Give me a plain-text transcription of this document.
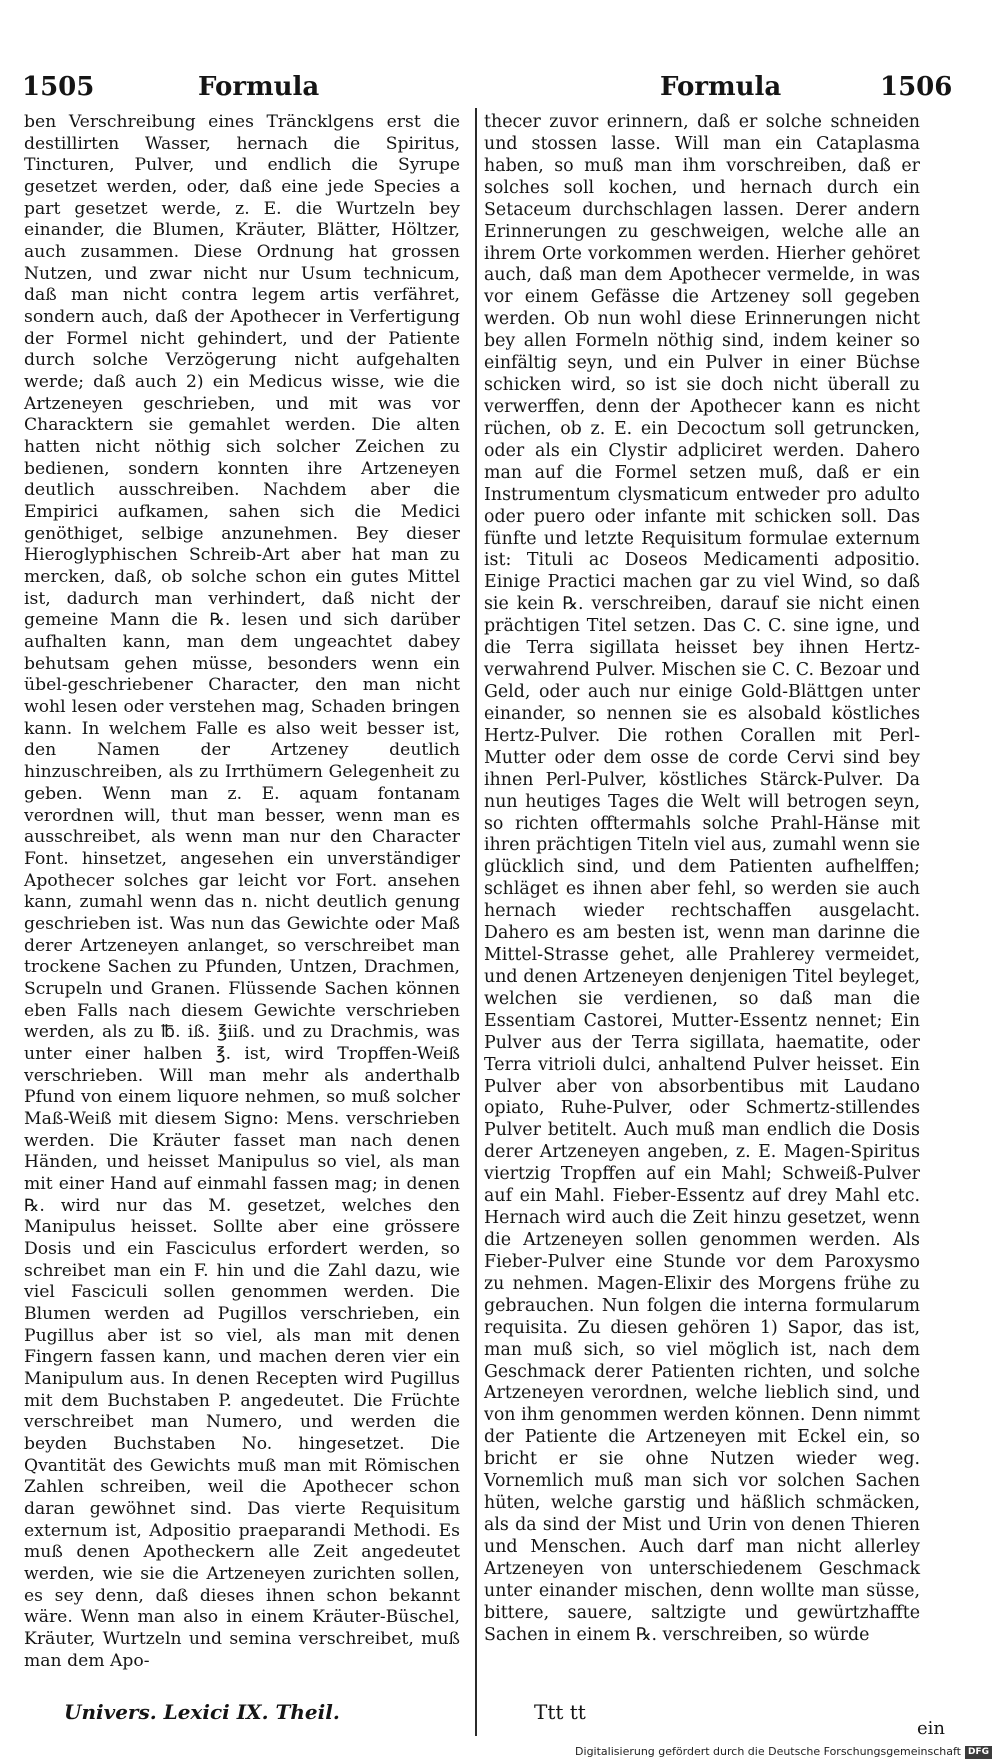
1505	Formula	Formula	1506

ben Verschreibung eines Träncklgens erst die destillirten Wasser, hernach die Spiritus, Tincturen, Pulver, und endlich die Syrupe gesetzet werden, oder, daß eine jede Species a part gesetzet werde, z. E. die Wurtzeln bey einander, die Blumen, Kräuter, Blätter, Höltzer, auch zusammen. Diese Ordnung hat grossen Nutzen, und zwar nicht nur Usum technicum, daß man nicht contra legem artis verfähret, sondern auch, daß der Apothecer in Verfertigung der Formel nicht gehindert, und der Patiente durch solche Verzögerung nicht aufgehalten werde; daß auch 2) ein Medicus wisse, wie die Artzeneyen geschrieben, und mit was vor Characktern sie gemahlet werden. Die alten hatten nicht nöthig sich solcher Zeichen zu bedienen, sondern konnten ihre Artzeneyen deutlich ausschreiben. Nachdem aber die Empirici aufkamen, sahen sich die Medici genöthiget, selbige anzunehmen. Bey dieser Hieroglyphischen Schreib-Art aber hat man zu mercken, daß, ob solche schon ein gutes Mittel ist, dadurch man verhindert, daß nicht der gemeine Mann die ℞. lesen und sich darüber aufhalten kann, man dem ungeachtet dabey behutsam gehen müsse, besonders wenn ein übel-geschriebener Character, den man nicht wohl lesen oder verstehen mag, Schaden bringen kann. In welchem Falle es also weit besser ist, den Namen der Artzeney deutlich hinzuschreiben, als zu Irrthümern Gelegenheit zu geben. Wenn man z. E. aquam fontanam verordnen will, thut man besser, wenn man es ausschreibet, als wenn man nur den Character Font. hinsetzet, angesehen ein unverständiger Apothecer solches gar leicht vor Fort. ansehen kann, zumahl wenn das n. nicht deutlich genung geschrieben ist. Was nun das Gewichte oder Maß derer Artzeneyen anlanget, so verschreibet man trockene Sachen zu Pfunden, Untzen, Drachmen, Scrupeln und Granen. Flüssende Sachen können eben Falls nach diesem Gewichte verschrieben werden, als zu ℔. iß. ℥iiß. und zu Drachmis, was unter einer halben ℥. ist, wird Tropffen-Weiß verschrieben. Will man mehr als anderthalb Pfund von einem liquore nehmen, so muß solcher Maß-Weiß mit diesem Signo: Mens. verschrieben werden. Die Kräuter fasset man nach denen Händen, und heisset Manipulus so viel, als man mit einer Hand auf einmahl fassen mag; in denen ℞. wird nur das M. gesetzet, welches den Manipulus heisset. Sollte aber eine grössere Dosis und ein Fasciculus erfordert werden, so schreibet man ein F. hin und die Zahl dazu, wie viel Fasciculi sollen genommen werden. Die Blumen werden ad Pugillos verschrieben, ein Pugillus aber ist so viel, als man mit denen Fingern fassen kann, und machen deren vier ein Manipulum aus. In denen Recepten wird Pugillus mit dem Buchstaben P. angedeutet. Die Früchte verschreibet man Numero, und werden die beyden Buchstaben No. hingesetzet. Die Qvantität des Gewichts muß man mit Römischen Zahlen schreiben, weil die Apothecer schon daran gewöhnet sind. Das vierte Requisitum externum ist, Adpositio praeparandi Methodi. Es muß denen Apotheckern alle Zeit angedeutet werden, wie sie die Artzeneyen zurichten sollen, es sey denn, daß dieses ihnen schon bekannt wäre. Wenn man also in einem Kräuter-Büschel, Kräuter, Wurtzeln und semina verschreibet, muß man dem Apo-

thecer zuvor erinnern, daß er solche schneiden und stossen lasse. Will man ein Cataplasma haben, so muß man ihm vorschreiben, daß er solches soll kochen, und hernach durch ein Setaceum durchschlagen lassen. Derer andern Erinnerungen zu geschweigen, welche alle an ihrem Orte vorkommen werden. Hierher gehöret auch, daß man dem Apothecer vermelde, in was vor einem Gefässe die Artzeney soll gegeben werden. Ob nun wohl diese Erinnerungen nicht bey allen Formeln nöthig sind, indem keiner so einfältig seyn, und ein Pulver in einer Büchse schicken wird, so ist sie doch nicht überall zu verwerffen, denn der Apothecer kann es nicht rüchen, ob z. E. ein Decoctum soll getruncken, oder als ein Clystir adpliciret werden. Dahero man auf die Formel setzen muß, daß er ein Instrumentum clysmaticum entweder pro adulto oder puero oder infante mit schicken soll. Das fünfte und letzte Requisitum formulae externum ist: Tituli ac Doseos Medicamenti adpositio. Einige Practici machen gar zu viel Wind, so daß sie kein ℞. verschreiben, darauf sie nicht einen prächtigen Titel setzen. Das C. C. sine igne, und die Terra sigillata heisset bey ihnen Hertz-verwahrend Pulver. Mischen sie C. C. Bezoar und Geld, oder auch nur einige Gold-Blättgen unter einander, so nennen sie es alsobald köstliches Hertz-Pulver. Die rothen Corallen mit Perl-Mutter oder dem osse de corde Cervi sind bey ihnen Perl-Pulver, köstliches Stärck-Pulver. Da nun heutiges Tages die Welt will betrogen seyn, so richten offtermahls solche Prahl-Hänse mit ihren prächtigen Titeln viel aus, zumahl wenn sie glücklich sind, und dem Patienten aufhelffen; schläget es ihnen aber fehl, so werden sie auch hernach wieder rechtschaffen ausgelacht. Dahero es am besten ist, wenn man darinne die Mittel-Strasse gehet, alle Prahlerey vermeidet, und denen Artzeneyen denjenigen Titel beyleget, welchen sie verdienen, so daß man die Essentiam Castorei, Mutter-Essentz nennet; Ein Pulver aus der Terra sigillata, haematite, oder Terra vitrioli dulci, anhaltend Pulver heisset. Ein Pulver aber von absorbentibus mit Laudano opiato, Ruhe-Pulver, oder Schmertz-stillendes Pulver betitelt. Auch muß man endlich die Dosis derer Artzeneyen angeben, z. E. Magen-Spiritus viertzig Tropffen auf ein Mahl; Schweiß-Pulver auf ein Mahl. Fieber-Essentz auf drey Mahl etc. Hernach wird auch die Zeit hinzu gesetzet, wenn die Artzeneyen sollen genommen werden. Als Fieber-Pulver eine Stunde vor dem Paroxysmo zu nehmen. Magen-Elixir des Morgens frühe zu gebrauchen. Nun folgen die interna formularum requisita. Zu diesen gehören 1) Sapor, das ist, man muß sich, so viel möglich ist, nach dem Geschmack derer Patienten richten, und solche Artzeneyen verordnen, welche lieblich sind, und von ihm genommen werden können. Denn nimmt der Patiente die Artzeneyen mit Eckel ein, so bricht er sie ohne Nutzen wieder weg. Vornemlich muß man sich vor solchen Sachen hüten, welche garstig und häßlich schmäcken, als da sind der Mist und Urin von denen Thieren und Menschen. Auch darf man nicht allerley Artzeneyen von unterschiedenem Geschmack unter einander mischen, denn wollte man süsse, bittere, sauere, saltzigte und gewürtzhaffte Sachen in einem ℞. verschreiben, so würde

Univers. Lexici IX. Theil.	Ttt tt
ein
Digitalisierung gefördert durch die Deutsche Forschungsgemeinschaft DFG
